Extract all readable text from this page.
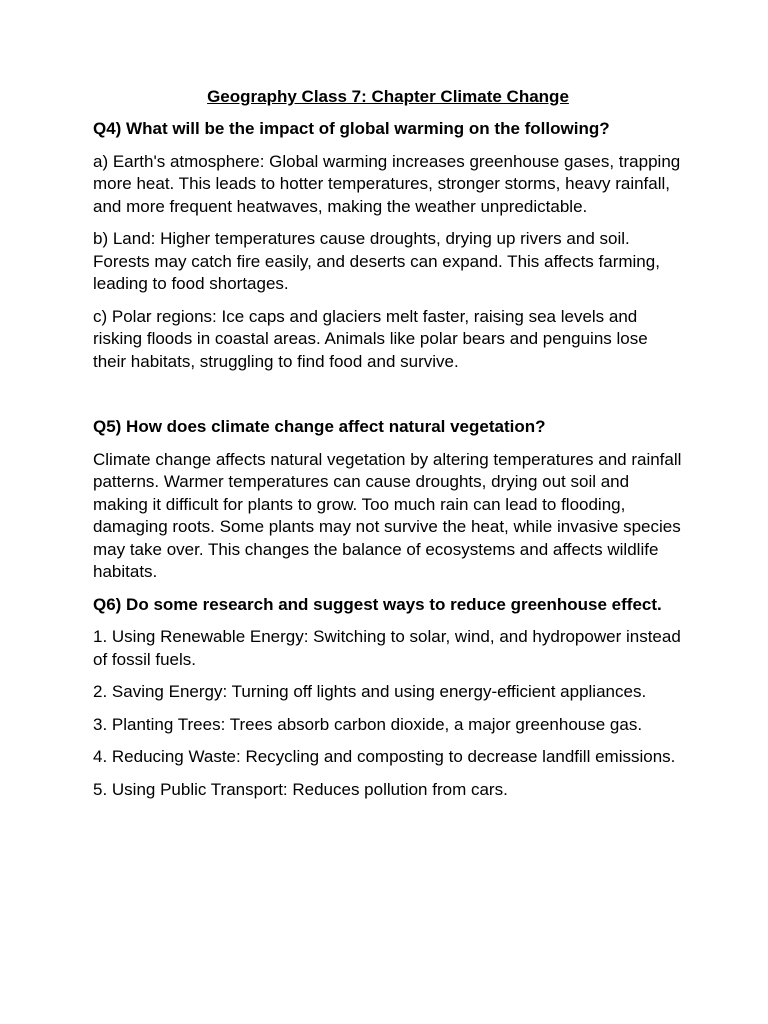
Geography Class 7: Chapter Climate Change
Q4) What will be the impact of global warming on the following?
a) Earth's atmosphere: Global warming increases greenhouse gases, trapping more heat. This leads to hotter temperatures, stronger storms, heavy rainfall, and more frequent heatwaves, making the weather unpredictable.
b) Land: Higher temperatures cause droughts, drying up rivers and soil. Forests may catch fire easily, and deserts can expand. This affects farming, leading to food shortages.
c) Polar regions: Ice caps and glaciers melt faster, raising sea levels and risking floods in coastal areas. Animals like polar bears and penguins lose their habitats, struggling to find food and survive.
Q5) How does climate change affect natural vegetation?
Climate change affects natural vegetation by altering temperatures and rainfall patterns. Warmer temperatures can cause droughts, drying out soil and making it difficult for plants to grow. Too much rain can lead to flooding, damaging roots. Some plants may not survive the heat, while invasive species may take over. This changes the balance of ecosystems and affects wildlife habitats.
Q6) Do some research and suggest ways to reduce greenhouse effect.
1. Using Renewable Energy: Switching to solar, wind, and hydropower instead of fossil fuels.
2. Saving Energy: Turning off lights and using energy-efficient appliances.
3. Planting Trees: Trees absorb carbon dioxide, a major greenhouse gas.
4. Reducing Waste: Recycling and composting to decrease landfill emissions.
5. Using Public Transport: Reduces pollution from cars.
